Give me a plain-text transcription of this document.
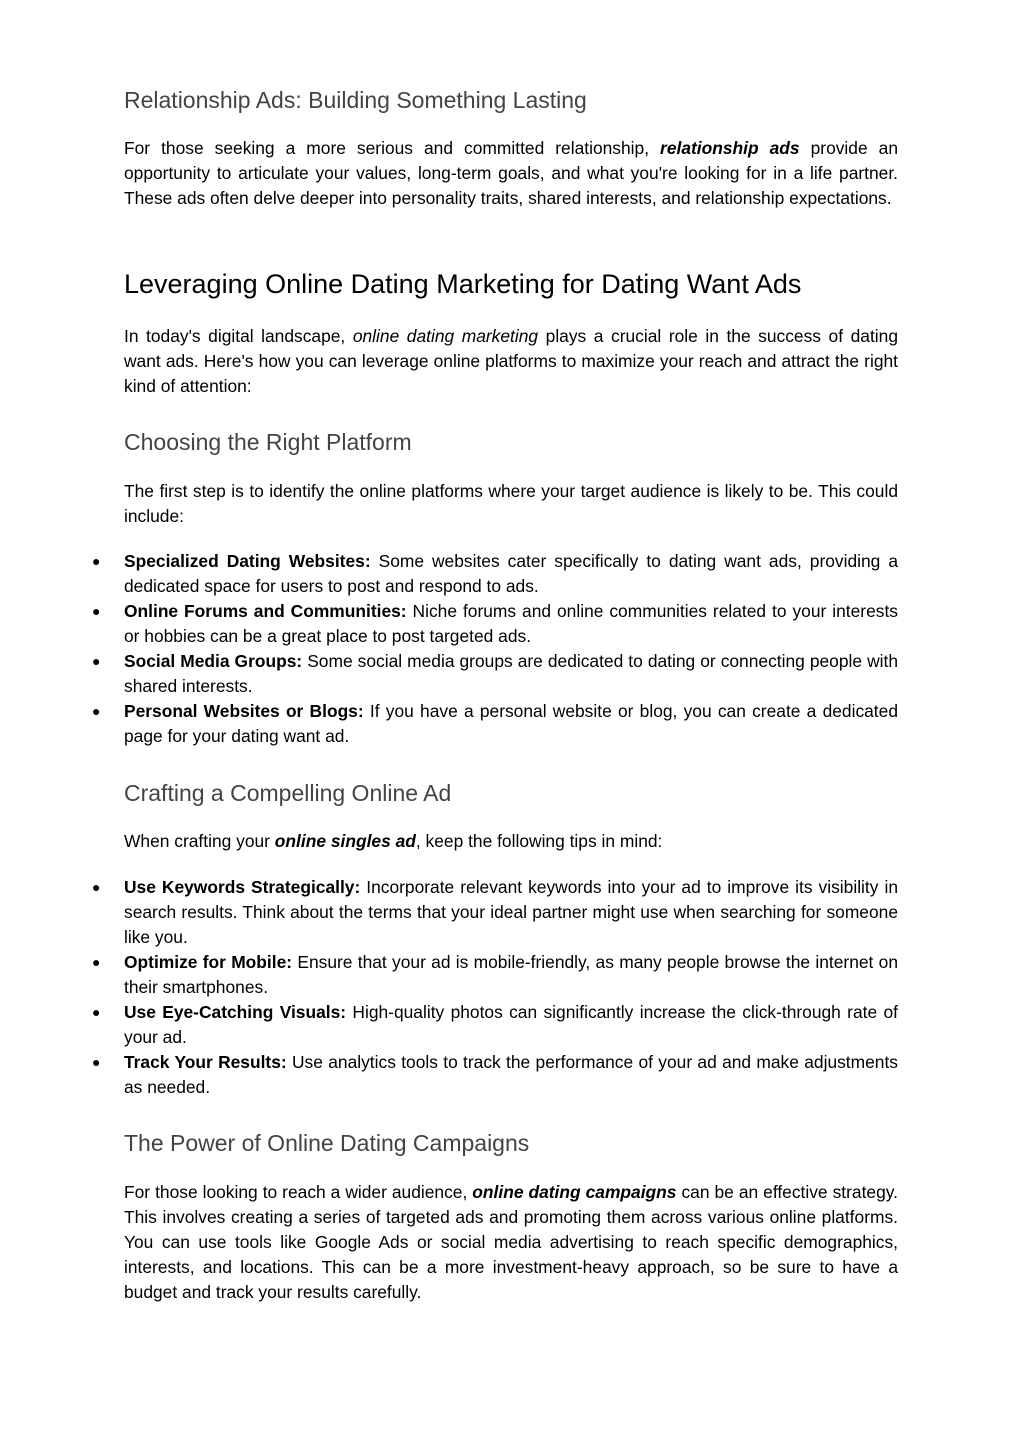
Relationship Ads: Building Something Lasting

For those seeking a more serious and committed relationship, relationship ads provide an opportunity to articulate your values, long-term goals, and what you're looking for in a life partner. These ads often delve deeper into personality traits, shared interests, and relationship expectations.

Leveraging Online Dating Marketing for Dating Want Ads

In today's digital landscape, online dating marketing plays a crucial role in the success of dating want ads. Here's how you can leverage online platforms to maximize your reach and attract the right kind of attention:

Choosing the Right Platform

The first step is to identify the online platforms where your target audience is likely to be. This could include:

● Specialized Dating Websites: Some websites cater specifically to dating want ads, providing a dedicated space for users to post and respond to ads.
● Online Forums and Communities: Niche forums and online communities related to your interests or hobbies can be a great place to post targeted ads.
● Social Media Groups: Some social media groups are dedicated to dating or connecting people with shared interests.
● Personal Websites or Blogs: If you have a personal website or blog, you can create a dedicated page for your dating want ad.
Crafting a Compelling Online Ad

When crafting your online singles ad, keep the following tips in mind:

● Use Keywords Strategically: Incorporate relevant keywords into your ad to improve its visibility in search results. Think about the terms that your ideal partner might use when searching for someone like you.
● Optimize for Mobile: Ensure that your ad is mobile-friendly, as many people browse the internet on their smartphones.
● Use Eye-Catching Visuals: High-quality photos can significantly increase the click-through rate of your ad.
● Track Your Results: Use analytics tools to track the performance of your ad and make adjustments as needed.
The Power of Online Dating Campaigns

For those looking to reach a wider audience, online dating campaigns can be an effective strategy. This involves creating a series of targeted ads and promoting them across various online platforms. You can use tools like Google Ads or social media advertising to reach specific demographics, interests, and locations. This can be a more investment-heavy approach, so be sure to have a budget and track your results carefully.
